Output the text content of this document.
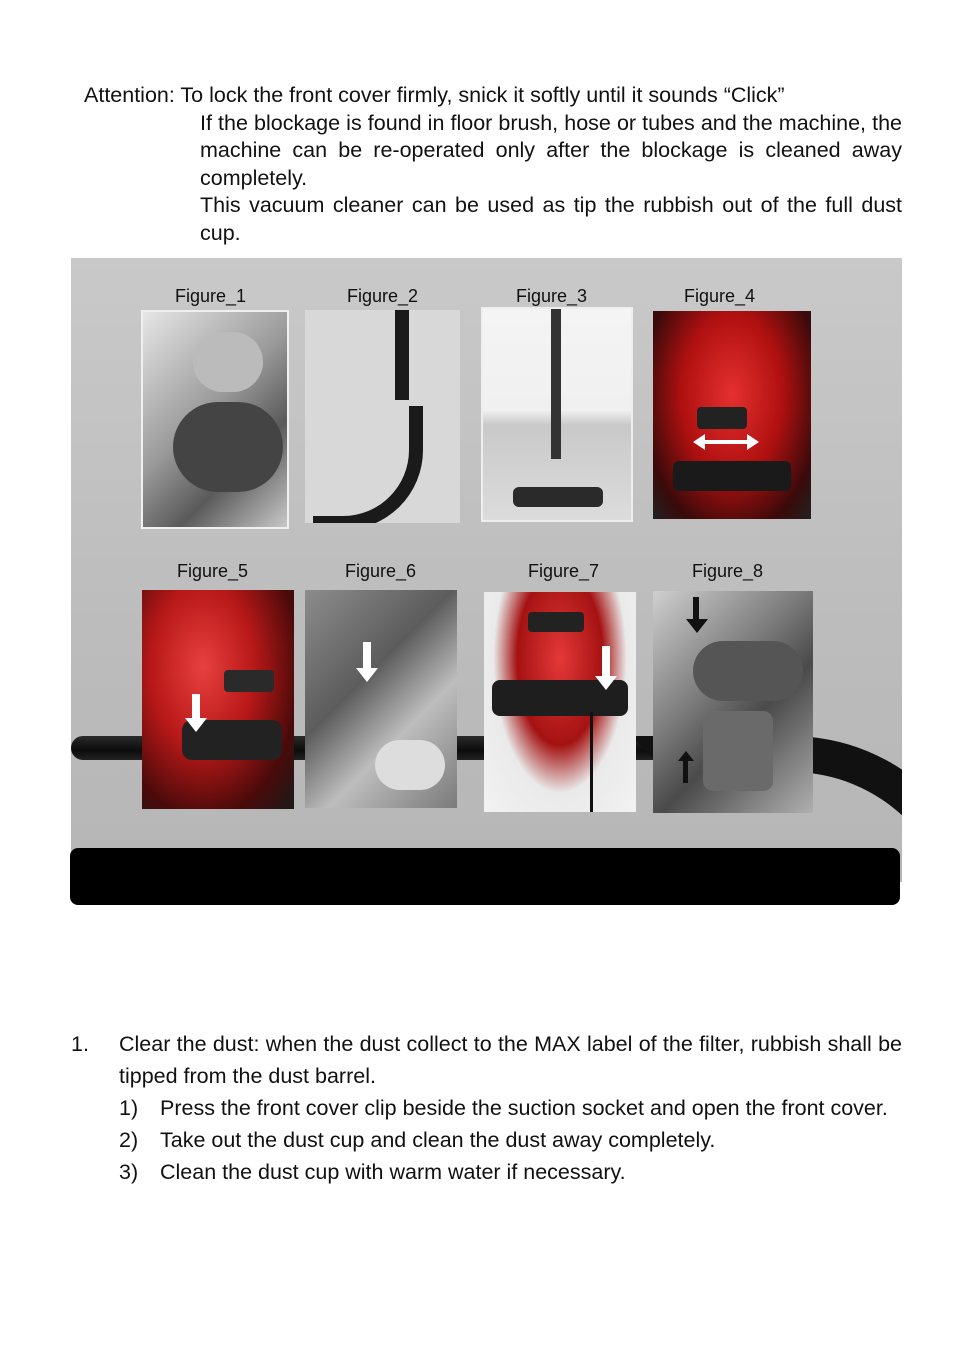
Attention: To lock the front cover firmly, snick it softly until it sounds “Click”
If the blockage is found in floor brush, hose or tubes and the machine, the machine can be re-operated only after the blockage is cleaned away completely.
This vacuum cleaner can be used as tip the rubbish out of the full dust cup.
Figure_1	Figure_2	Figure_3	Figure_4
Figure_5	Figure_6	Figure_7	Figure_8
1. Clear the dust: when the dust collect to the MAX label of the filter, rubbish shall be tipped from the dust barrel.
1) Press the front cover clip beside the suction socket and open the front cover.
2) Take out the dust cup and clean the dust away completely.
3) Clean the dust cup with warm water if necessary.
